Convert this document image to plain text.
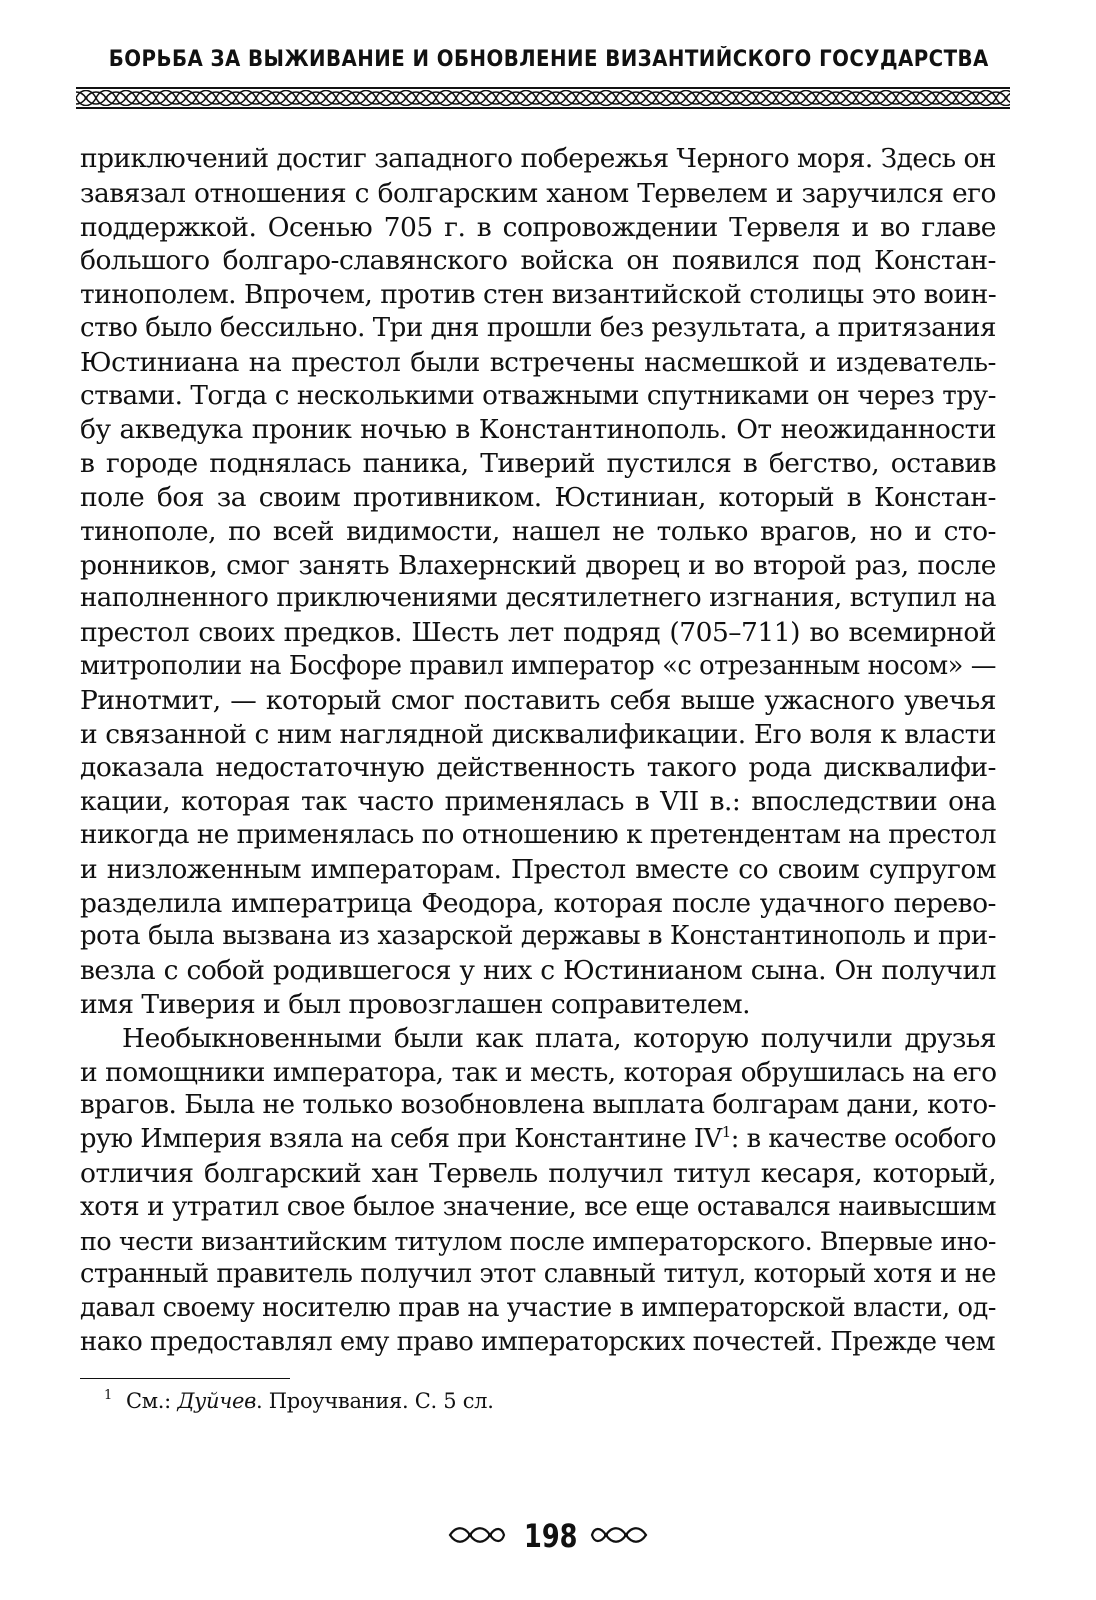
БОРЬБА ЗА ВЫЖИВАНИЕ И ОБНОВЛЕНИЕ ВИЗАНТИЙСКОГО ГОСУДАРСТВА
приключений достиг западного побережья Черного моря. Здесь он
завязал отношения с болгарским ханом Тервелем и заручился его
поддержкой. Осенью 705 г. в сопровождении Тервеля и во главе
большого болгаро-славянского войска он появился под Констан-
тинополем. Впрочем, против стен византийской столицы это воин-
ство было бессильно. Три дня прошли без результата, а притязания
Юстиниана на престол были встречены насмешкой и издеватель-
ствами. Тогда с несколькими отважными спутниками он через тру-
бу акведука проник ночью в Константинополь. От неожиданности
в городе поднялась паника, Тиверий пустился в бегство, оставив
поле боя за своим противником. Юстиниан, который в Констан-
тинополе, по всей видимости, нашел не только врагов, но и сто-
ронников, смог занять Влахернский дворец и во второй раз, после
наполненного приключениями десятилетнего изгнания, вступил на
престол своих предков. Шесть лет подряд (705–711) во всемирной
митрополии на Босфоре правил император «с отрезанным носом» —
Ринотмит, — который смог поставить себя выше ужасного увечья
и связанной с ним наглядной дисквалификации. Его воля к власти
доказала недостаточную действенность такого рода дисквалифи-
кации, которая так часто применялась в VII в.: впоследствии она
никогда не применялась по отношению к претендентам на престол
и низложенным императорам. Престол вместе со своим супругом
разделила императрица Феодора, которая после удачного перево-
рота была вызвана из хазарской державы в Константинополь и при-
везла с собой родившегося у них с Юстинианом сына. Он получил
имя Тиверия и был провозглашен соправителем.
Необыкновенными были как плата, которую получили друзья
и помощники императора, так и месть, которая обрушилась на его
врагов. Была не только возобновлена выплата болгарам дани, кото-
рую Империя взяла на себя при Константине $IV^1$: в качестве особого
отличия болгарский хан Тервель получил титул кесаря, который,
хотя и утратил свое былое значение, все еще оставался наивысшим
по чести византийским титулом после императорского. Впервые ино-
странный правитель получил этот славный титул, который хотя и не
давал своему носителю прав на участие в императорской власти, од-
нако предоставлял ему право императорских почестей. Прежде чем
$^1$ См.: Дуйчев. Проучвания. С. 5 сл.
198
